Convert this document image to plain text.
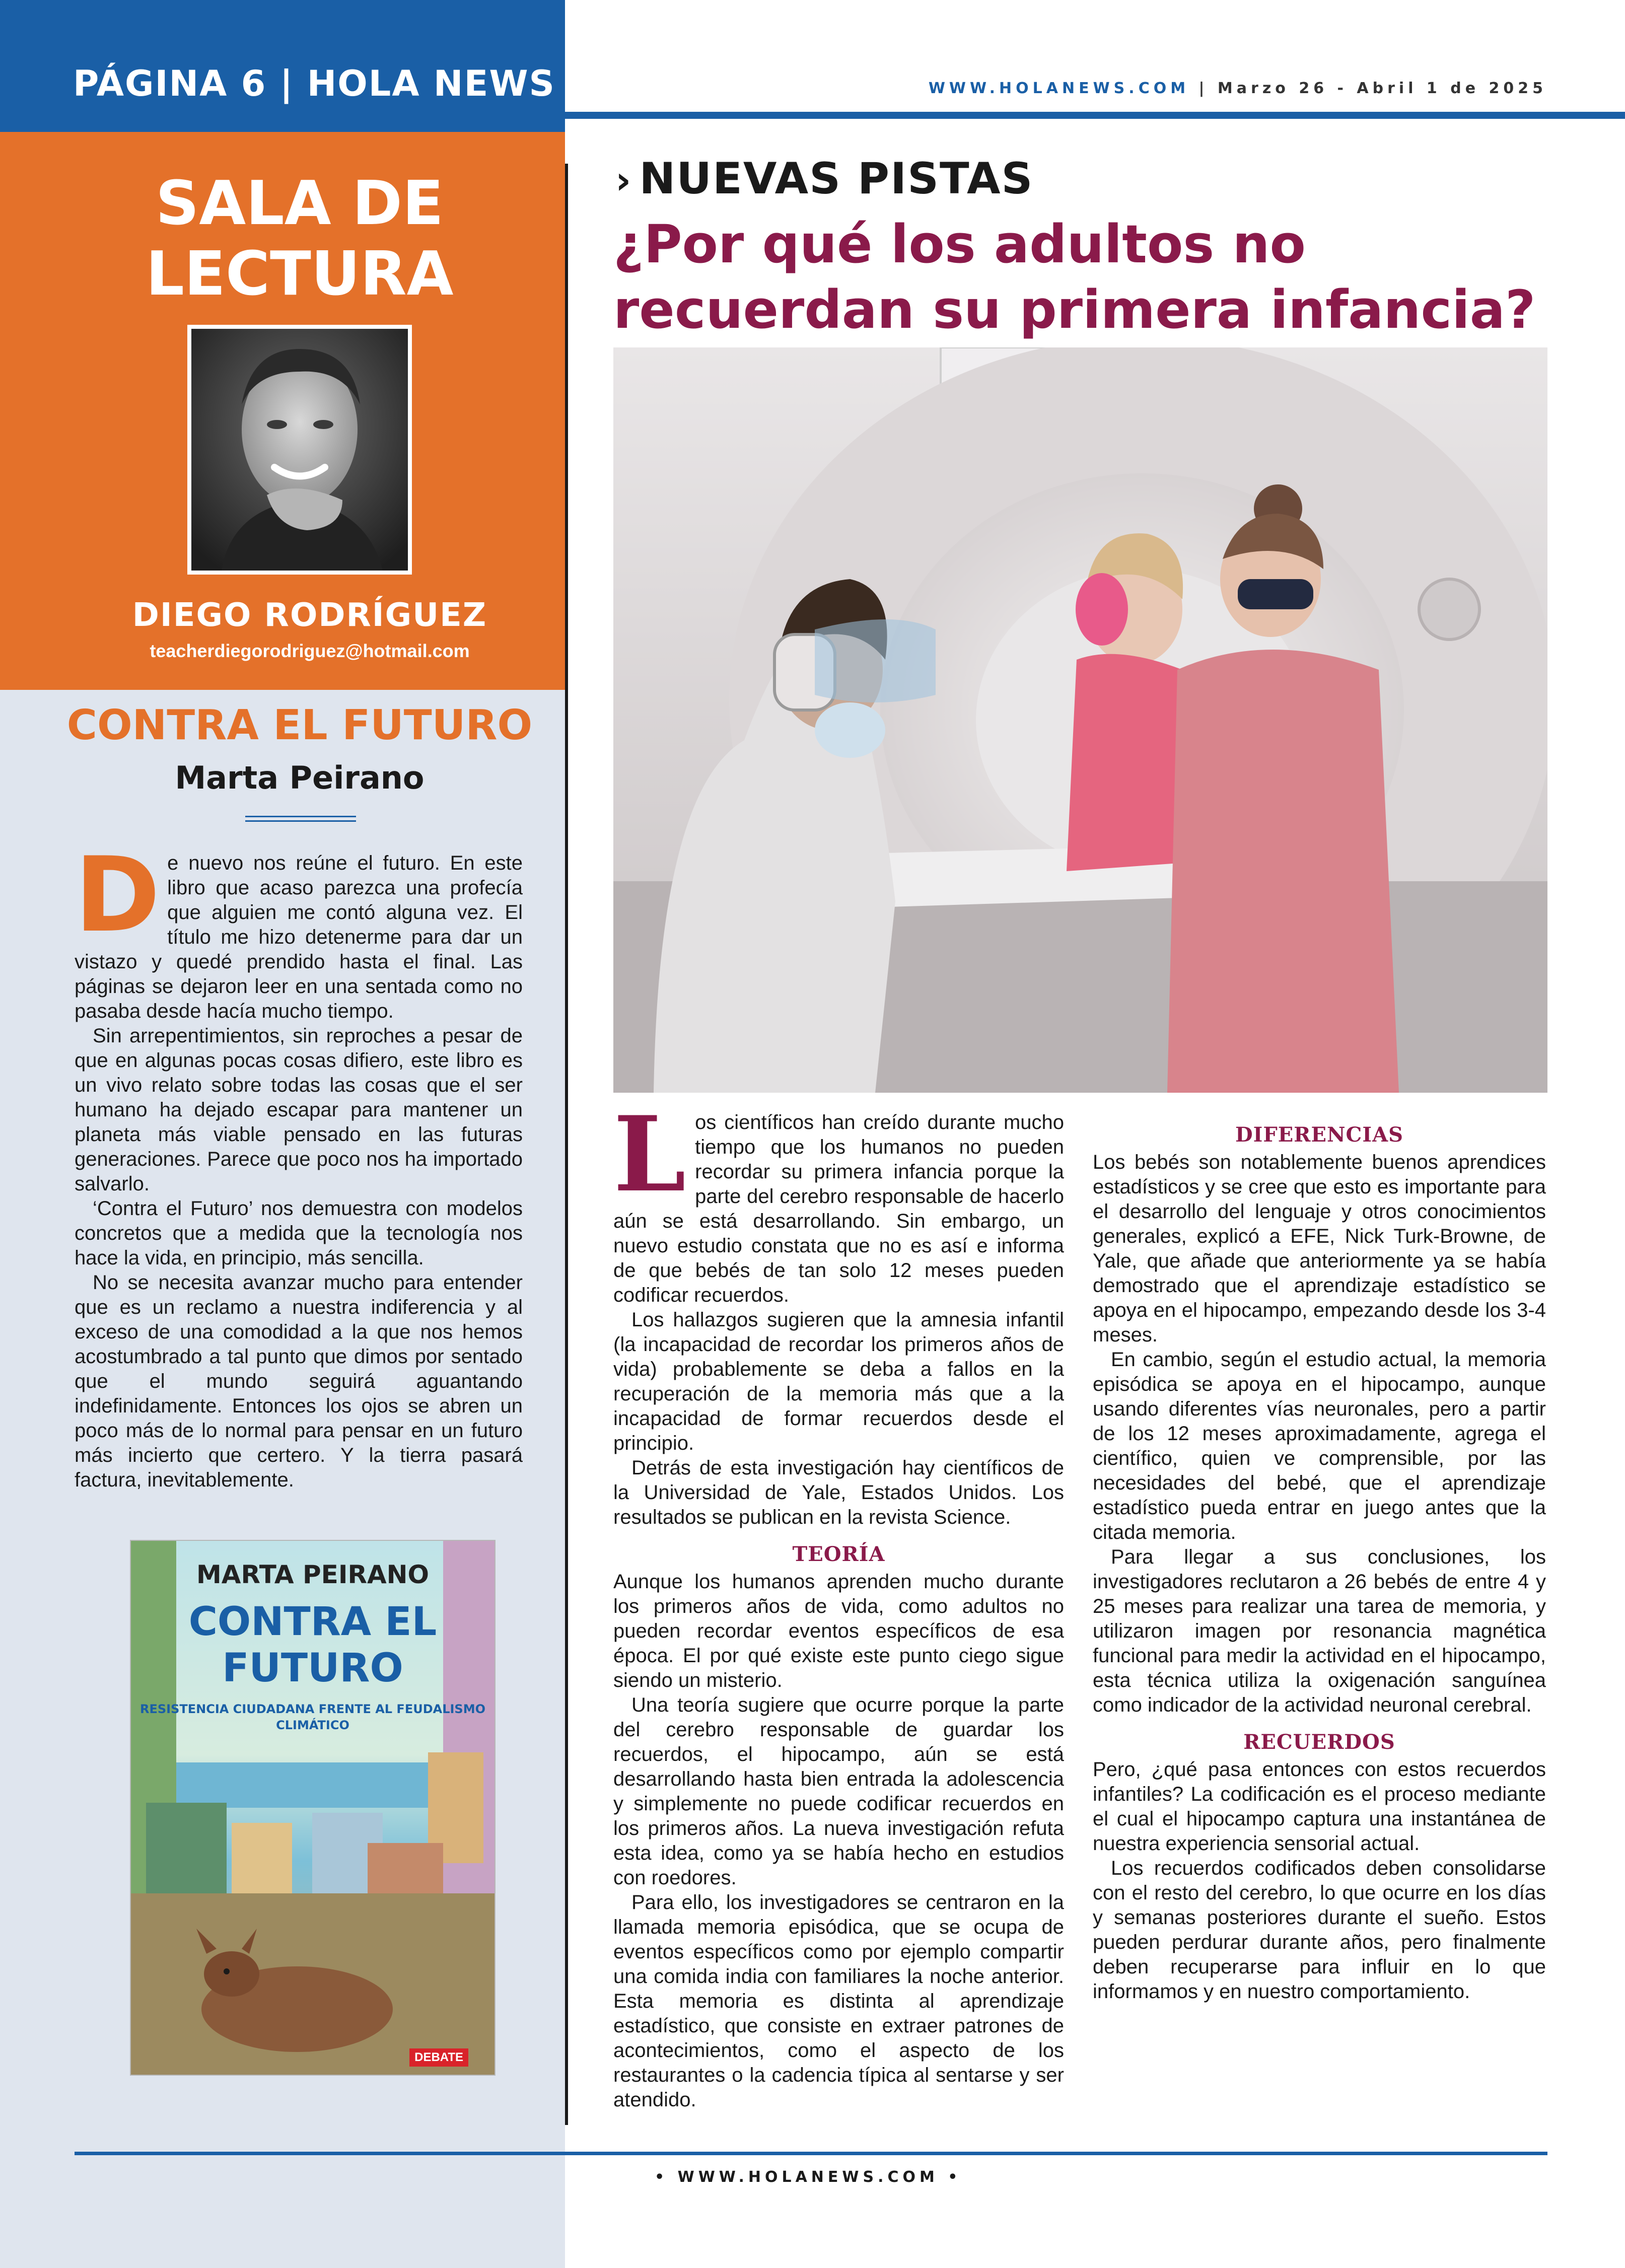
PÁGINA 6 | HOLA NEWS	WWW.HOLANEWS.COM | Marzo 26 - Abril 1 de 2025
SALA DE LECTURA
DIEGO RODRÍGUEZ
teacherdiegorodriguez@hotmail.com
CONTRA EL FUTURO
Marta Peirano

De nuevo nos reúne el futuro. En este libro que acaso parezca una profecía que alguien me contó alguna vez. El título me hizo detenerme para dar un vistazo y quedé prendido hasta el final. Las páginas se dejaron leer en una sentada como no pasaba desde hacía mucho tiempo.

Sin arrepentimientos, sin reproches a pesar de que en algunas pocas cosas difiero, este libro es un vivo relato sobre todas las cosas que el ser humano ha dejado escapar para mantener un planeta más viable pensado en las futuras generaciones. Parece que poco nos ha importado salvarlo.

‘Contra el Futuro’ nos demuestra con modelos concretos que a medida que la tecnología nos hace la vida, en principio, más sencilla.

No se necesita avanzar mucho para entender que es un reclamo a nuestra indiferencia y al exceso de una comodidad a la que nos hemos acostumbrado a tal punto que dimos por sentado que el mundo seguirá aguantando indefinidamente. Entonces los ojos se abren un poco más de lo normal para pensar en un futuro más incierto que certero. Y la tierra pasará factura, inevitablemente.

MARTA PEIRANO
CONTRA EL FUTURO
RESISTENCIA CIUDADANA FRENTE AL FEUDALISMO CLIMÁTICO
DEBATE
› NUEVAS PISTAS
¿Por qué los adultos no recuerdan su primera infancia?

Los científicos han creído durante mucho tiempo que los humanos no pueden recordar su primera infancia porque la parte del cerebro responsable de hacerlo aún se está desarrollando. Sin embargo, un nuevo estudio constata que no es así e informa de que bebés de tan solo 12 meses pueden codificar recuerdos.

Los hallazgos sugieren que la amnesia infantil (la incapacidad de recordar los primeros años de vida) probablemente se deba a fallos en la recuperación de la memoria más que a la incapacidad de formar recuerdos desde el principio.

Detrás de esta investigación hay científicos de la Universidad de Yale, Estados Unidos. Los resultados se publican en la revista Science.

TEORÍA

Aunque los humanos aprenden mucho durante los primeros años de vida, como adultos no pueden recordar eventos específicos de esa época. El por qué existe este punto ciego sigue siendo un misterio.

Una teoría sugiere que ocurre porque la parte del cerebro responsable de guardar los recuerdos, el hipocampo, aún se está desarrollando hasta bien entrada la adolescencia y simplemente no puede codificar recuerdos en los primeros años. La nueva investigación refuta esta idea, como ya se había hecho en estudios con roedores.

Para ello, los investigadores se centraron en la llamada memoria episódica, que se ocupa de eventos específicos como por ejemplo compartir una comida india con familiares la noche anterior. Esta memoria es distinta al aprendizaje estadístico, que consiste en extraer patrones de acontecimientos, como el aspecto de los restaurantes o la cadencia típica al sentarse y ser atendido.

DIFERENCIAS

Los bebés son notablemente buenos aprendices estadísticos y se cree que esto es importante para el desarrollo del lenguaje y otros conocimientos generales, explicó a EFE, Nick Turk-Browne, de Yale, que añade que anteriormente ya se había demostrado que el aprendizaje estadístico se apoya en el hipocampo, empezando desde los 3-4 meses.

En cambio, según el estudio actual, la memoria episódica se apoya en el hipocampo, aunque usando diferentes vías neuronales, pero a partir de los 12 meses aproximadamente, agrega el científico, quien ve comprensible, por las necesidades del bebé, que el aprendizaje estadístico pueda entrar en juego antes que la citada memoria.

Para llegar a sus conclusiones, los investigadores reclutaron a 26 bebés de entre 4 y 25 meses para realizar una tarea de memoria, y utilizaron imagen por resonancia magnética funcional para medir la actividad en el hipocampo, esta técnica utiliza la oxigenación sanguínea como indicador de la actividad neuronal cerebral.

RECUERDOS

Pero, ¿qué pasa entonces con estos recuerdos infantiles? La codificación es el proceso mediante el cual el hipocampo captura una instantánea de nuestra experiencia sensorial actual.

Los recuerdos codificados deben consolidarse con el resto del cerebro, lo que ocurre en los días y semanas posteriores durante el sueño. Estos pueden perdurar durante años, pero finalmente deben recuperarse para influir en lo que informamos y en nuestro comportamiento.

• WWW.HOLANEWS.COM •
